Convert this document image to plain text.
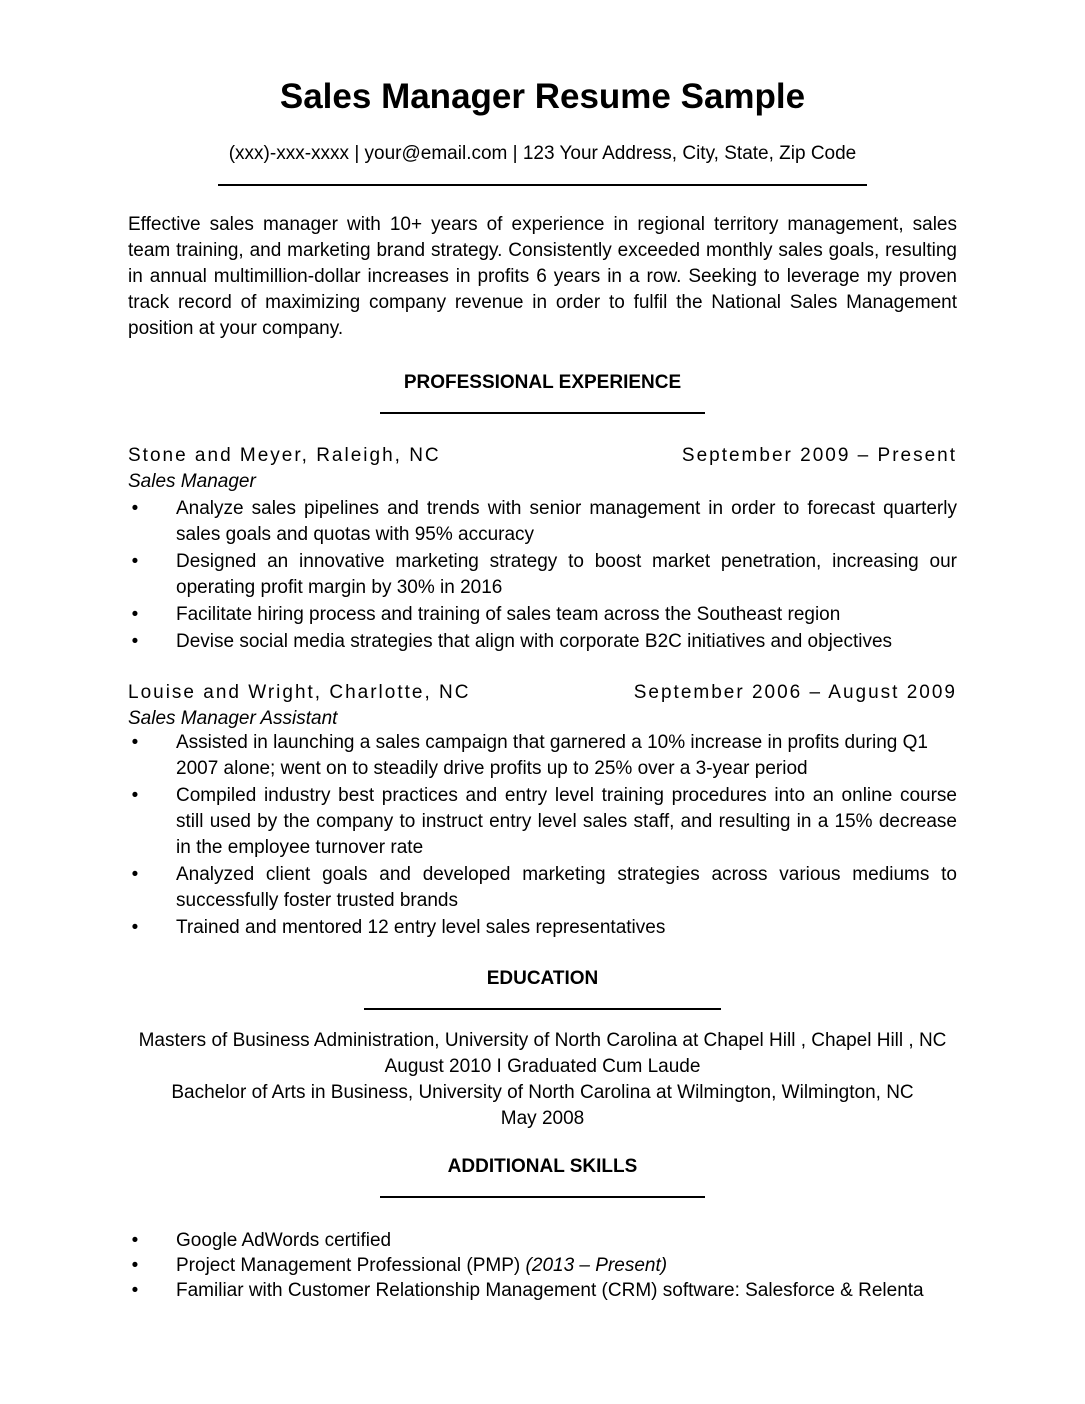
Sales Manager Resume Sample
(xxx)-xxx-xxxx | your@email.com | 123 Your Address, City, State, Zip Code
Effective sales manager with 10+ years of experience in regional territory management, sales team training, and marketing brand strategy. Consistently exceeded monthly sales goals, resulting in annual multimillion-dollar increases in profits 6 years in a row. Seeking to leverage my proven track record of maximizing company revenue in order to fulfil the National Sales Management position at your company.
PROFESSIONAL EXPERIENCE
Stone and Meyer, Raleigh, NC	September 2009 – Present
Sales Manager
• Analyze sales pipelines and trends with senior management in order to forecast quarterly sales goals and quotas with 95% accuracy
• Designed an innovative marketing strategy to boost market penetration, increasing our operating profit margin by 30% in 2016
• Facilitate hiring process and training of sales team across the Southeast region
• Devise social media strategies that align with corporate B2C initiatives and objectives
Louise and Wright, Charlotte, NC	September 2006 – August 2009
Sales Manager Assistant
• Assisted in launching a sales campaign that garnered a 10% increase in profits during Q1 2007 alone; went on to steadily drive profits up to 25% over a 3-year period
• Compiled industry best practices and entry level training procedures into an online course still used by the company to instruct entry level sales staff, and resulting in a 15% decrease in the employee turnover rate
• Analyzed client goals and developed marketing strategies across various mediums to successfully foster trusted brands
• Trained and mentored 12 entry level sales representatives
EDUCATION

Masters of Business Administration, University of North Carolina at Chapel Hill , Chapel Hill , NC August 2010 I Graduated Cum Laude

Bachelor of Arts in Business, University of North Carolina at Wilmington, Wilmington, NC May 2008

ADDITIONAL SKILLS
• Google AdWords certified
• Project Management Professional (PMP) (2013 – Present)
• Familiar with Customer Relationship Management (CRM) software: Salesforce & Relenta
